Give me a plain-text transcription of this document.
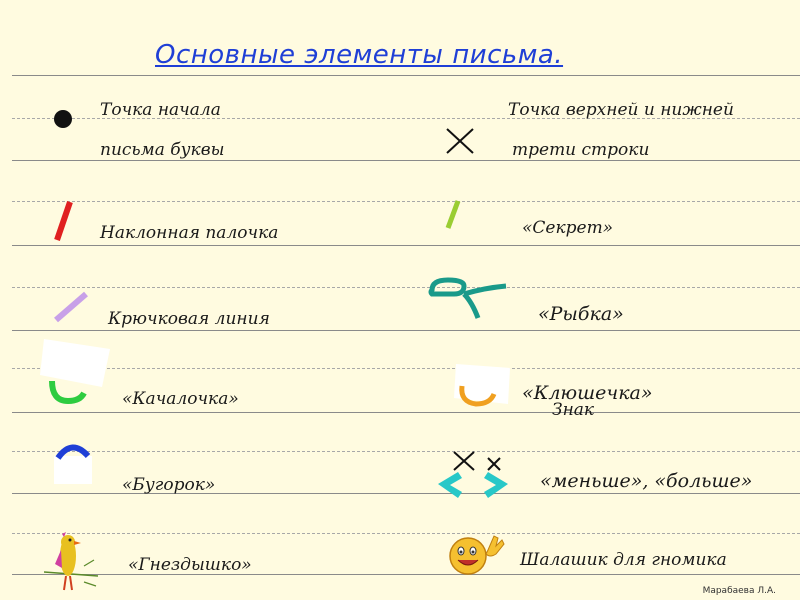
Основные элементы письма.
Точка начала
письма буквы
Наклонная палочка
Крючковая линия
«Качалочка»
«Бугорок»
«Гнездышко»
Точка верхней и нижней
трети строки
«Секрет»
«Рыбка»
«Клюшечка»
Знак
«меньше», «больше»
Шалашик для гномика
Марабаева Л.А.
